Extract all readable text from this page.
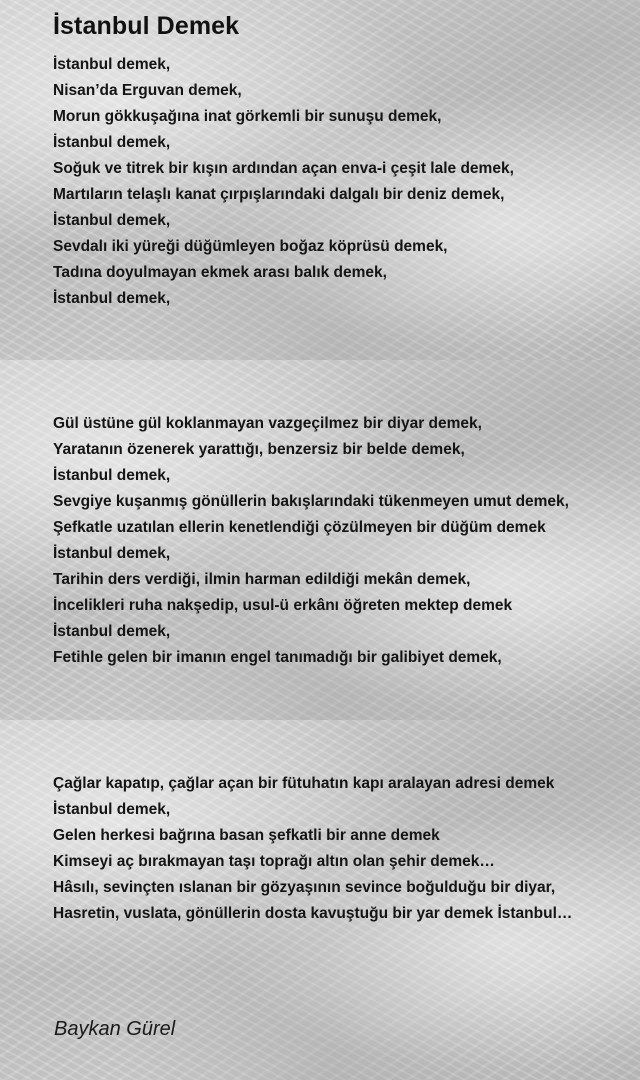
İstanbul Demek
İstanbul demek,
Nisan’da Erguvan demek,
Morun gökkuşağına inat görkemli bir sunuşu demek,
İstanbul demek,
Soğuk ve titrek bir kışın ardından açan enva-i çeşit lale demek,
Martıların telaşlı kanat çırpışlarındaki dalgalı bir deniz demek,
İstanbul demek,
Sevdalı iki yüreği düğümleyen boğaz köprüsü demek,
Tadına doyulmayan ekmek arası balık demek,
İstanbul demek,
Gül üstüne gül koklanmayan vazgeçilmez bir diyar demek,
Yaratanın özenerek yarattığı, benzersiz bir belde demek,
İstanbul demek,
Sevgiye kuşanmış gönüllerin bakışlarındaki tükenmeyen umut demek,
Şefkatle uzatılan ellerin kenetlendiği çözülmeyen bir düğüm demek
İstanbul demek,
Tarihin ders verdiği, ilmin harman edildiği mekân demek,
İncelikleri ruha nakşedip, usul-ü erkânı öğreten mektep demek
İstanbul demek,
Fetihle gelen bir imanın engel tanımadığı bir galibiyet demek,
Çağlar kapatıp, çağlar açan bir fütuhatın kapı aralayan adresi demek
İstanbul demek,
Gelen herkesi bağrına basan şefkatli bir anne demek
Kimseyi aç bırakmayan taşı toprağı altın olan şehir demek…
Hâsılı, sevinçten ıslanan bir gözyaşının sevince boğulduğu bir diyar,
Hasretin, vuslata, gönüllerin dosta kavuştuğu bir yar demek İstanbul…
Baykan Gürel
